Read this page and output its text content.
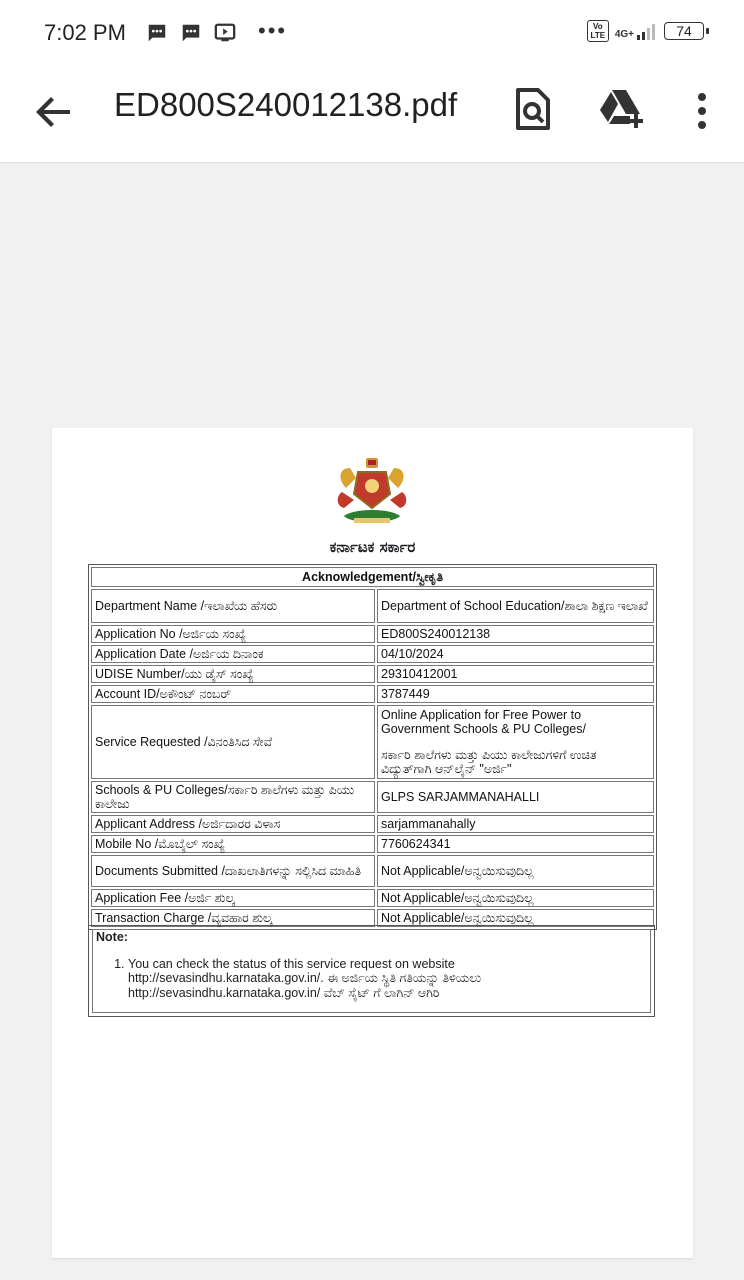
7:02 PM	•••	Vo LTE 4G+	74
ED800S240012138.pdf
ಕರ್ನಾಟಕ ಸರ್ಕಾರ
Acknowledgement/ಸ್ವೀಕೃತಿ	
Department Name /ಇಲಾಖೆಯ ಹೆಸರು	Department of School Education/ಶಾಲಾ ಶಿಕ್ಷಣ ಇಲಾಖೆ
Application No /ಅರ್ಜಿಯ ಸಂಖ್ಯೆ	ED800S240012138
Application Date /ಅರ್ಜಿಯ ದಿನಾಂಕ	04/10/2024
UDISE Number/ಯು ಡೈಸ್ ಸಂಖ್ಯೆ	29310412001
Account ID/ಅಕೌಂಟ್ ನಂಬರ್	3787449
Service Requested /ವಿನಂತಿಸಿದ ಸೇವೆ	Online Application for Free Power to Government Schools & PU Colleges/
ಸರ್ಕಾರಿ ಶಾಲೆಗಳು ಮತ್ತು ಪಿಯು ಕಾಲೇಜುಗಳಿಗೆ ಉಚಿತ ವಿದ್ಯುತ್‌ಗಾಗಿ ಆನ್‌ಲೈನ್ "ಅರ್ಜಿ"

Schools & PU Colleges/ಸರ್ಕಾರಿ ಶಾಲೆಗಳು ಮತ್ತು ಪಿಯು ಕಾಲೇಜು	GLPS SARJAMMANAHALLI
Applicant Address /ಅರ್ಜಿದಾರರ ವಿಳಾಸ	sarjammanahally
Mobile No /ಮೊಬೈಲ್ ಸಂಖ್ಯೆ	7760624341
Documents Submitted /ದಾಖಲಾತಿಗಳನ್ನು ಸಲ್ಲಿಸಿದ ಮಾಹಿತಿ	Not Applicable/ಅನ್ವಯಿಸುವುದಿಲ್ಲ
Application Fee /ಅರ್ಜಿ ಶುಲ್ಕ	Not Applicable/ಅನ್ವಯಿಸುವುದಿಲ್ಲ
Transaction Charge /ವ್ಯವಹಾರ ಶುಲ್ಕ	Not Applicable/ಅನ್ವಯಿಸುವುದಿಲ್ಲ
Note:
1. You can check the status of this service request on website
http://sevasindhu.karnataka.gov.in/. ಈ ಅರ್ಜಿಯ ಸ್ಥಿತಿ ಗತಿಯನ್ನು ತಿಳಿಯಲು
http://sevasindhu.karnataka.gov.in/ ವೆಬ್ ಸೈಟ್ ಗೆ ಲಾಗಿನ್ ಆಗಿರಿ
